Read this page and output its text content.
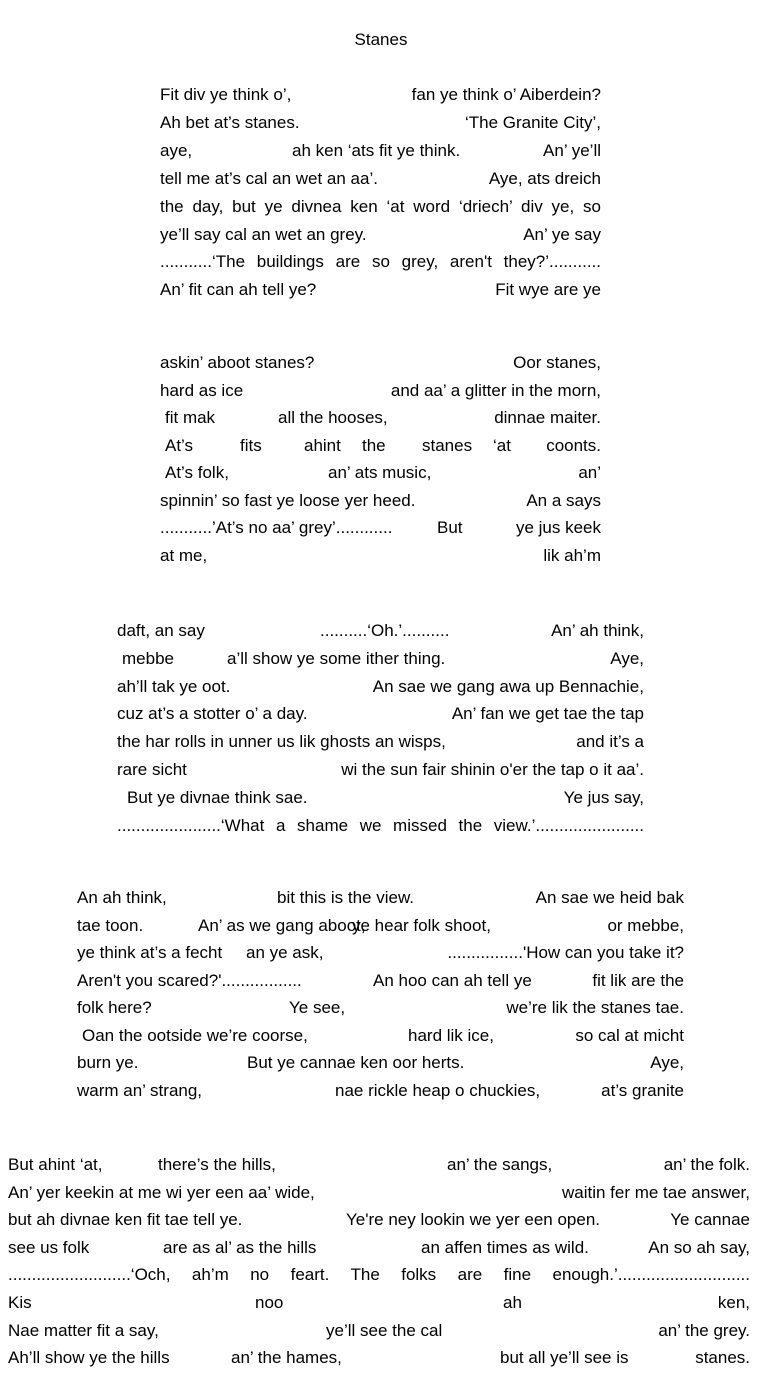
Stanes
Fit div ye think o’,	fan ye think o’ Aiberdein?
Ah bet at’s stanes.	‘The Granite City’,
aye,	ah ken ‘ats fit ye think.	An’ ye’ll
tell me at’s cal an wet an aa’.	Aye, ats dreich
the day, but ye divnea ken ‘at word ‘driech’ div ye, so
ye’ll say cal an wet an grey.	An’ ye say
...........‘The buildings are so grey, aren't they?’...........
An’ fit can ah tell ye?	Fit wye are ye
askin’ aboot stanes?	Oor stanes,
hard as ice	and aa’ a glitter in the morn,
fit mak	all the hooses,	dinnae maiter.
At’s	fits ahint the stanes ‘at coonts.
At’s folk,	an’ ats music,	an’
spinnin’ so fast ye loose yer heed.	An a says
...........’At’s no aa’ grey’............	But	ye jus keek
at me,	lik ah’m
daft, an say	..........‘Oh.’..........	An’ ah think,
mebbe	a’ll show ye some ither thing.	Aye,
ah’ll tak ye oot.	An sae we gang awa up Bennachie,
cuz at’s a stotter o’ a day.	An’ fan we get tae the tap
the har rolls in unner us lik ghosts an wisps,	and it’s a
rare sicht	wi the sun fair shinin o'er the tap o it aa’.
But ye divnae think sae.	Ye jus say,
......................‘What a shame we missed the view.’.......................
An ah think,	bit this is the view.	An sae we heid bak
tae toon.	An’ as we gang aboot,
ye hear folk shoot,	or mebbe,
ye think at’s a fecht an ye ask,	................'How can you take it?
Aren't you scared?'.................	An hoo can ah tell ye	fit lik are the
folk here?	Ye see,	we’re lik the stanes tae.
Oan the ootside we’re coorse,	hard lik ice,	so cal at micht
burn ye.	But ye cannae ken oor herts.	Aye,
warm an’ strang,	nae rickle heap o chuckies,	at’s granite
But ahint ‘at,	there’s the hills,	an’ the sangs,	an’ the folk.
An’ yer keekin at me wi yer een aa’ wide,	waitin fer me tae answer,
but ah divnae ken fit tae tell ye.	Ye're ney lookin we yer een open.	Ye cannae
see us folk	are as al’ as the hills	an affen times as wild.	An so ah say,
..........................‘Och, ah’m no feart. The folks are fine enough.’............................
Kis	noo	ah	ken,
Nae matter fit a say,	ye’ll see the cal	an’ the grey.
Ah’ll show ye the hills	an’ the hames,	but all ye’ll see is	stanes.
